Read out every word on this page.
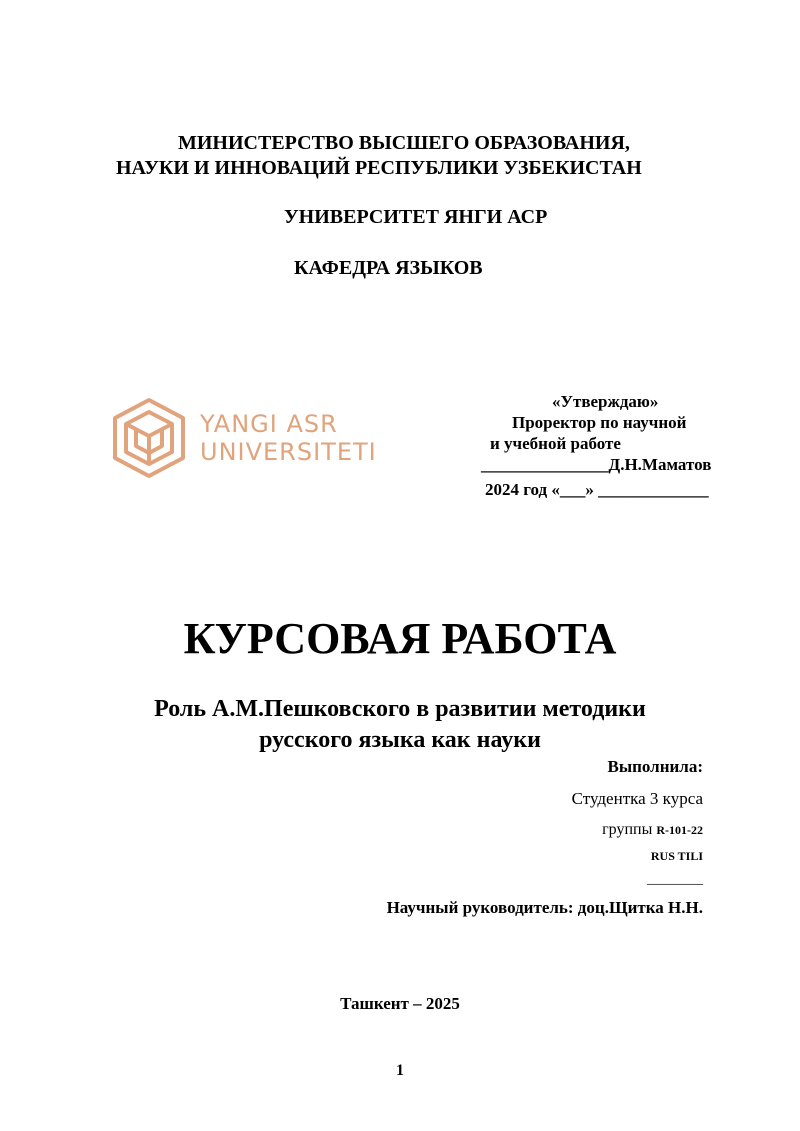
МИНИСТЕРСТВО ВЫСШЕГО ОБРАЗОВАНИЯ,
НАУКИ И ИННОВАЦИЙ РЕСПУБЛИКИ УЗБЕКИСТАН
УНИВЕРСИТЕТ ЯНГИ АСР
КАФЕДРА ЯЗЫКОВ
YANGI ASR
UNIVERSITETI
«Утверждаю»
Проректор по научной
и учебной работе
_______________Д.Н.Маматов
2024 год «___» _____________
КУРСОВАЯ РАБОТА
Роль А.М.Пешковского в развитии методики
русского языка как науки
Выполнила:
Студентка 3 курса
группы R-101-22
RUS TILI
________
Научный руководитель: доц.Щитка Н.Н.
Ташкент – 2025
1
